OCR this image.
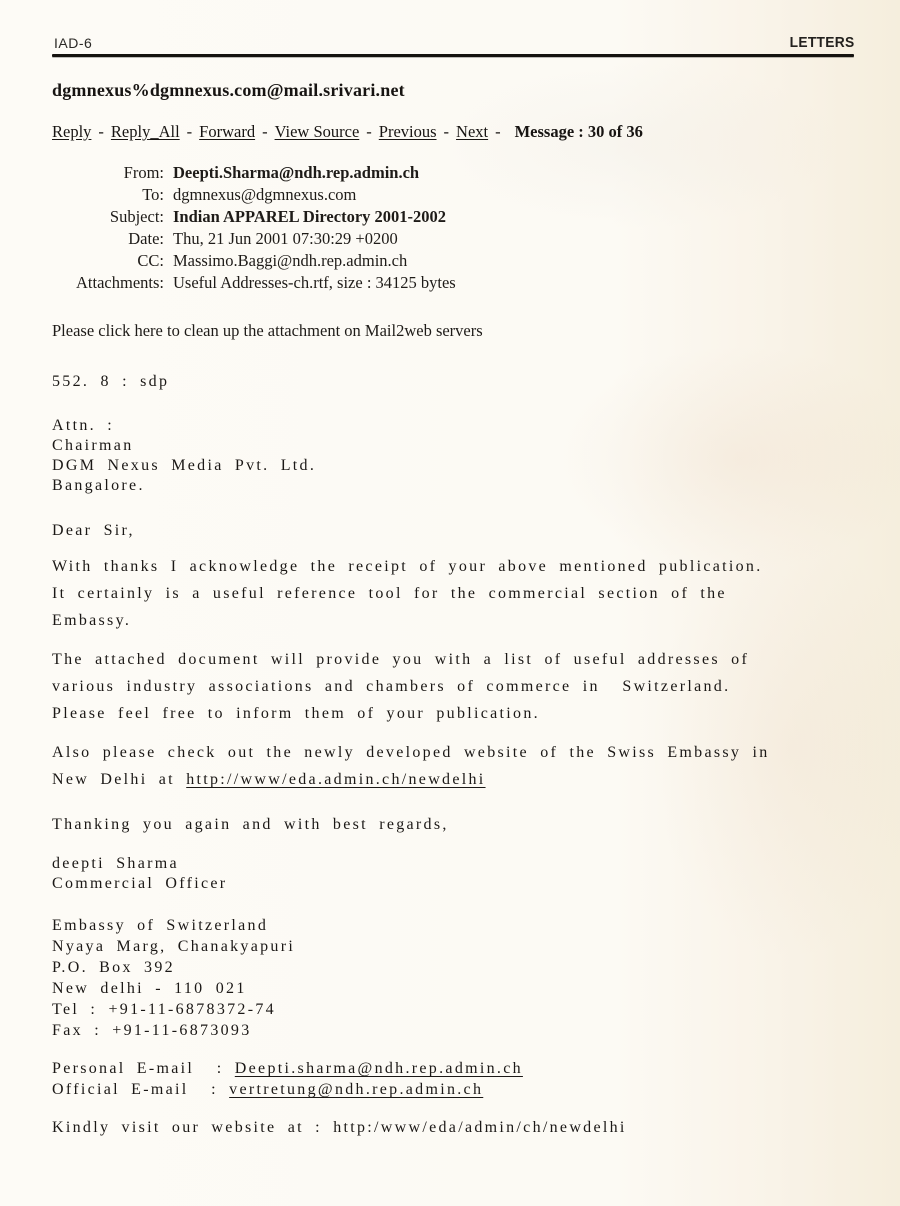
IAD-6	LETTERS
dgmnexus%dgmnexus.com@mail.srivari.net
Reply - Reply_All - Forward - View Source - Previous - Next - Message : 30 of 36
From: Deepti.Sharma@ndh.rep.admin.ch
To: dgmnexus@dgmnexus.com
Subject: Indian APPAREL Directory 2001-2002
Date: Thu, 21 Jun 2001 07:30:29 +0200
CC: Massimo.Baggi@ndh.rep.admin.ch
Attachments: Useful Addresses-ch.rtf, size : 34125 bytes
Please click here to clean up the attachment on Mail2web servers
552. 8 : sdp
Attn. :
Chairman
DGM Nexus Media Pvt. Ltd.
Bangalore.
Dear Sir,
With thanks I acknowledge the receipt of your above mentioned publication.
It certainly is a useful reference tool for the commercial section of the
Embassy.
The attached document will provide you with a list of useful addresses of
various industry associations and chambers of commerce in  Switzerland.
Please feel free to inform them of your publication.
Also please check out the newly developed website of the Swiss Embassy in
New Delhi at http://www/eda.admin.ch/newdelhi
Thanking you again and with best regards,
deepti Sharma
Commercial Officer
Embassy of Switzerland
Nyaya Marg, Chanakyapuri
P.O. Box 392
New delhi - 110 021
Tel : +91-11-6878372-74
Fax : +91-11-6873093
Personal E-mail  : Deepti.sharma@ndh.rep.admin.ch
Official E-mail  : vertretung@ndh.rep.admin.ch
Kindly visit our website at : http:/www/eda/admin/ch/newdelhi
